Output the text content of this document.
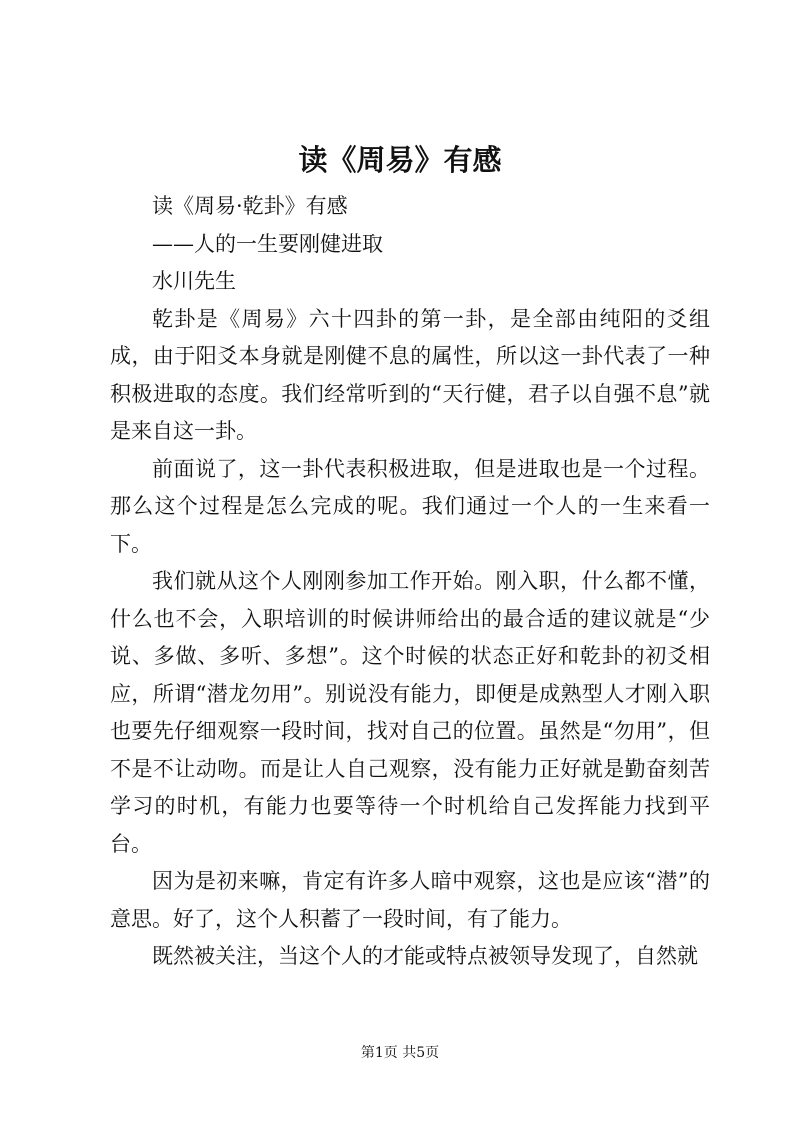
读《周易》有感

读《周易·乾卦》有感

——人的一生要刚健进取

水川先生

乾卦是《周易》六十四卦的第一卦，是全部由纯阳的爻组成，由于阳爻本身就是刚健不息的属性，所以这一卦代表了一种积极进取的态度。我们经常听到的“天行健，君子以自强不息”就是来自这一卦。

前面说了，这一卦代表积极进取，但是进取也是一个过程。那么这个过程是怎么完成的呢。我们通过一个人的一生来看一下。

我们就从这个人刚刚参加工作开始。刚入职，什么都不懂，什么也不会，入职培训的时候讲师给出的最合适的建议就是“少说、多做、多听、多想”。这个时候的状态正好和乾卦的初爻相应，所谓“潜龙勿用”。别说没有能力，即便是成熟型人才刚入职也要先仔细观察一段时间，找对自己的位置。虽然是“勿用”，但不是不让动吻。而是让人自己观察，没有能力正好就是勤奋刻苦学习的时机，有能力也要等待一个时机给自己发挥能力找到平台。

因为是初来嘛，肯定有许多人暗中观察，这也是应该“潜”的意思。好了，这个人积蓄了一段时间，有了能力。

既然被关注，当这个人的才能或特点被领导发现了，自然就

第1页 共5页
